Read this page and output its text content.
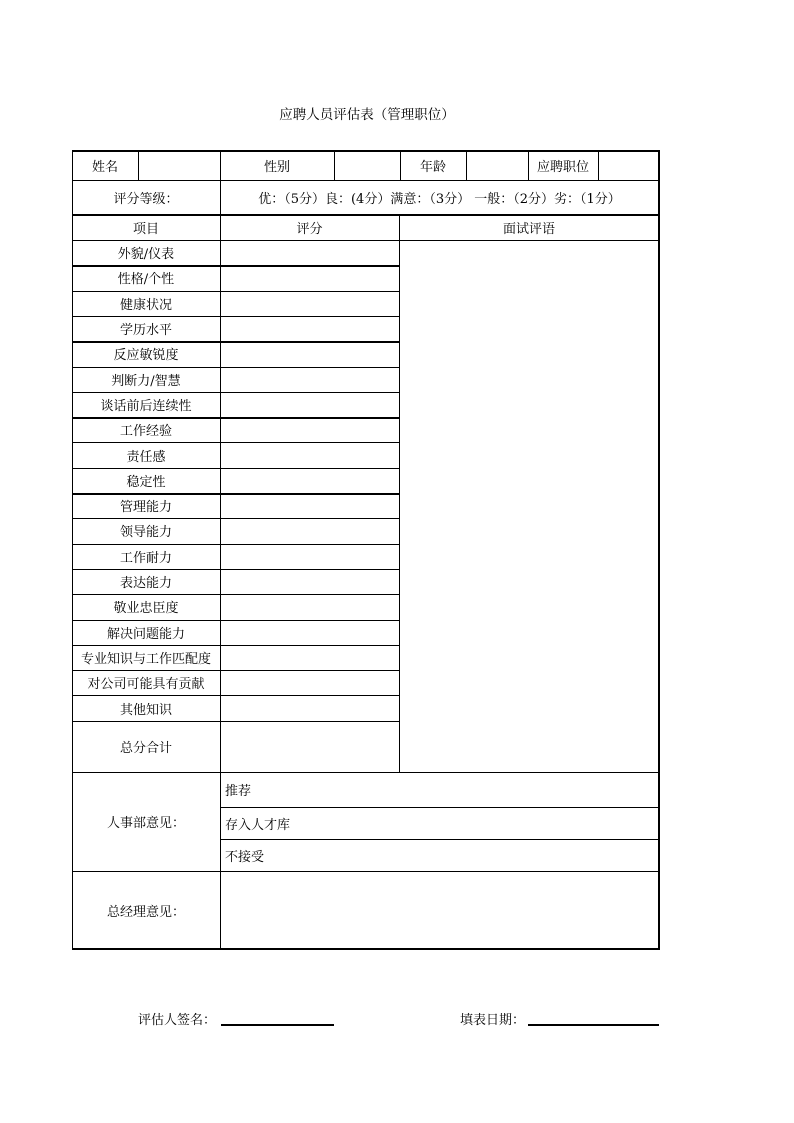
应聘人员评估表（管理职位）
姓名	性别	年龄	应聘职位
评分等级：	优：（5分）良：(4分）满意：（3分） 一般：（2分）劣：（1分）
项目	评分	面试评语
外貌/仪表
性格/个性
健康状况
学历水平
反应敏锐度
判断力/智慧
谈话前后连续性
工作经验
责任感
稳定性
管理能力
领导能力
工作耐力
表达能力
敬业忠臣度
解决问题能力
专业知识与工作匹配度
对公司可能具有贡献
其他知识
总分合计
人事部意见：
推荐
存入人才库
不接受
总经理意见：
评估人签名：	填表日期：
